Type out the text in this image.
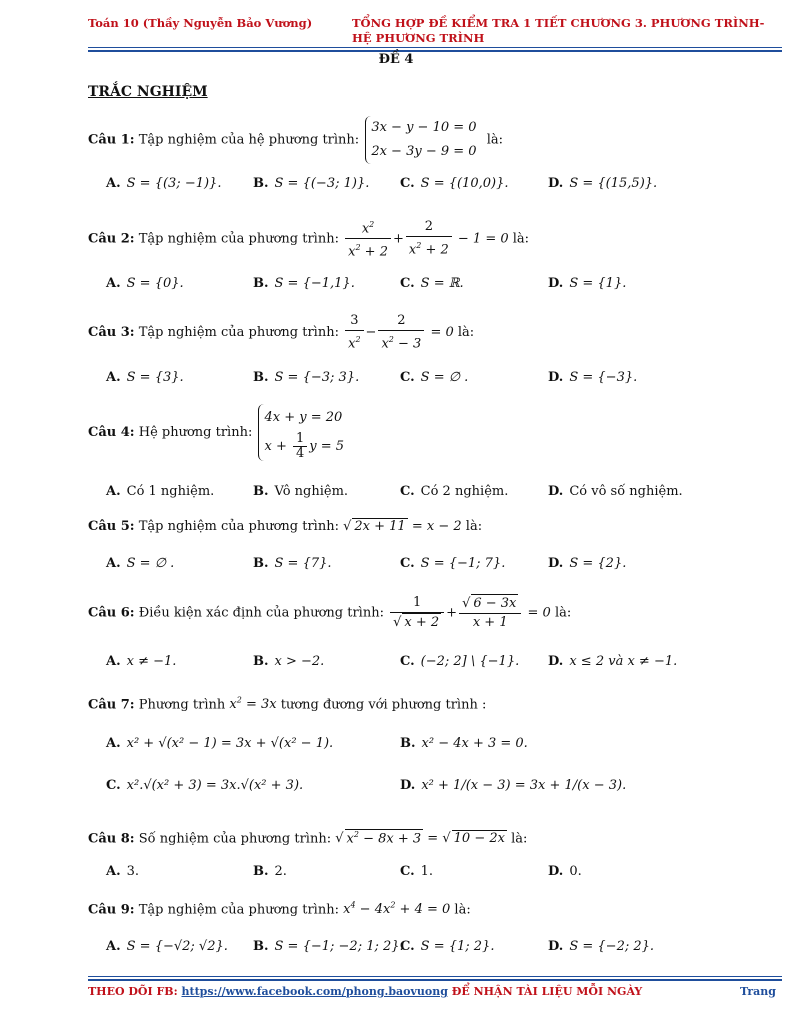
Toán 10 (Thầy Nguyễn Bảo Vương)	TỔNG HỢP ĐỀ KIỂM TRA 1 TIẾT CHƯƠNG 3. PHƯƠNG TRÌNH-
HỆ PHƯƠNG TRÌNH
ĐỀ 4
TRẮC NGHIỆM
Câu 1: Tập nghiệm của hệ phương trình:
3x − y − 10 = 0
2x − 3y − 9 = 0
là:
A. S = {(3; −1)}. B. S = {(−3; 1)}. C. S = {(10,0)}.	D. S = {(15,5)}.
Câu 2: Tập nghiệm của phương trình: $\frac{x^2}{x^2 + 2} + \frac{2}{x^2 + 2} - 1 = 0$ là:
A. S = {0}.	B. S = {−1,1}.	C. S = ℝ.	D. S = {1}.
Câu 3: Tập nghiệm của phương trình: $\frac{3}{x^2} - \frac{2}{x^2 - 3} = 0$ là:
A. S = {3}.	B. S = {−3; 3}.	C. S = ∅ .	D. S = {−3}.
Câu 4: Hệ phương trình:
4x + y = 20
$x + \frac{1}{4}$ y = 5
A. Có 1 nghiệm.	B. Vô nghiệm.	C. Có 2 nghiệm.	D. Có vô số nghiệm.
Câu 5: Tập nghiệm của phương trình: √ 2x + 11 = x − 2 là:
A. S = ∅ .	B. S = {7}.	C. S = {−1; 7}.	D. S = {2}.
Câu 6: Điều kiện xác định của phương trình: 1
√ x + 2 + √ $\frac{6 - 3x}{x + 1} = 0$ là:
A. x ≠ −1.	B. x > −2.	C. (−2; 2] \ {−1}. D. x ≤ 2 và x ≠ −1.
Câu 7: Phương trình $x^2 = 3x$ tương đương với phương trình :
A. x² + √(x² − 1) = 3x + √(x² − 1).	B. x² − 4x + 3 = 0.
C. x².√(x² + 3) = 3x.√(x² + 3).	D. x² + 1/(x − 3) = 3x + 1/(x − 3).
Câu 8: Số nghiệm của phương trình: √ $x^2 - 8x + 3$ = √ 10 − 2x là:
A. 3.	B. 2.	C. 1.	D. 0.
Câu 9: Tập nghiệm của phương trình: $x^4 - 4x^2 + 4 = 0$ là:
A. S = {−√2; √2}. B. S = {−1; −2; 1; 2}.
C. S = {1; 2}.	D. S = {−2; 2}.
THEO DÕI FB: https://www.facebook.com/phong.baovuong ĐỂ NHẬN TÀI LIỆU MỖI NGÀY	Trang
